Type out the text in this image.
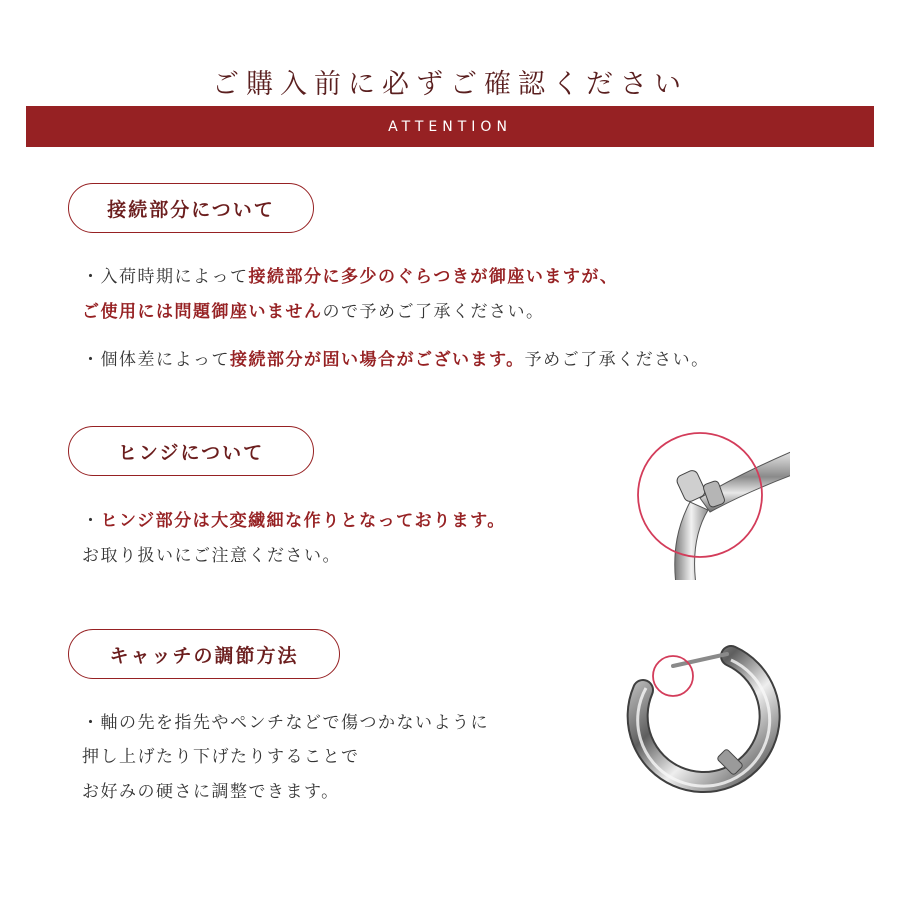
ご購入前に必ずご確認ください
ATTENTION
接続部分について
・入荷時期によって接続部分に多少のぐらつきが御座いますが、
ご使用には問題御座いませんので予めご了承ください。
・個体差によって接続部分が固い場合がございます。予めご了承ください。
ヒンジについて
・ヒンジ部分は大変繊細な作りとなっております。
お取り扱いにご注意ください。
キャッチの調節方法
・軸の先を指先やペンチなどで傷つかないように
押し上げたり下げたりすることで
お好みの硬さに調整できます。
